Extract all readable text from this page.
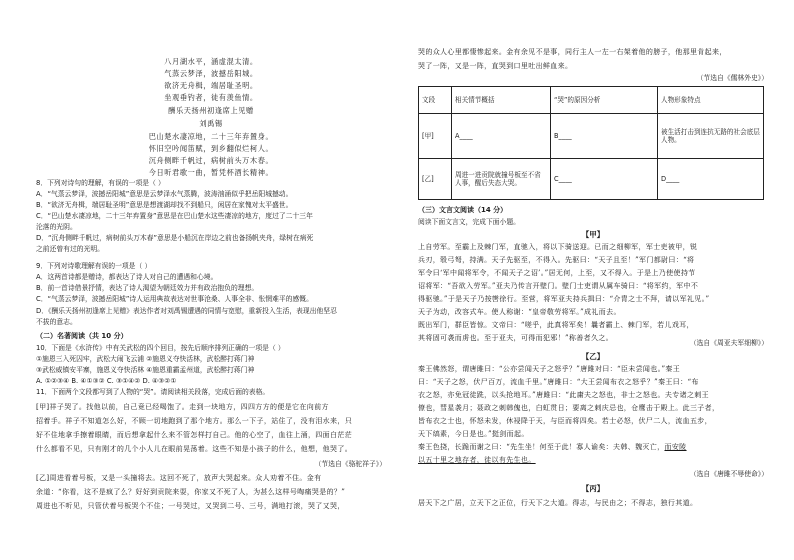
八月湖水平，涵虚混太清。
气蒸云梦泽，波撼岳阳城。
欲济无舟楫，端居耻圣明。
坐观垂钓者，徒有羡鱼情。
酬乐天扬州初逢席上见赠
刘禹锡
巴山楚水凄凉地，二十三年弃置身。
怀旧空吟闻笛赋，到乡翻似烂柯人。
沉舟侧畔千帆过，病树前头万木春。
今日听君歌一曲，暂凭杯酒长精神。
8．下列对诗句的理解，有误的一项是（ ）
A．“气蒸云梦泽，波撼岳阳城”意思是云梦泽水气蒸腾，波涛汹涌似乎把岳阳城撼动。
B．“欲济无舟楫，端居耻圣明”意思是想渡湖却找不到船只，闲居在家愧对太平盛世。
C．“巴山楚水凄凉地，二十三年弃置身”意思是在巴山楚水这些凄凉的地方，度过了二十三年
沦落的光阴。
D．“沉舟侧畔千帆过，病树前头万木春”意思是小船沉在岸边之前也备扬帆夹舟，绿树在病死
之前还曾有过的光明。
9．下列对诗歌理解有误的一项是（ ）
A．这两首诗都是赠诗，都表达了诗人对自己的遭遇和心境。
B．前一首诗借景抒情，表达了诗人渴望为朝廷效力并有政治抱负的理想。
C．“气蒸云梦泽，波撼岳阳城”诗人运用典故表达对世事沧桑、人事全非、怅惘难平的感慨。
D．《酬乐天扬州初逢席上见赠》表达作者对刘禹锡遭遇的同情与宽慰，重新投入生活，表现出他坚忍
不拔的意志。
（二）名著阅读（共 10 分）
10．下面是《水浒传》中有关武松的四个回目，按先后顺序排列正确的一项是（ ）
①施恩三入死囚牢，武松大闹飞云浦 ②施恩义夺快活林，武松醉打蒋门神
③武松威镇安平寨，施恩义夺快活林 ④施恩重霸孟州道，武松醉打蒋门神
A. ①②③④ B. ④①③② C. ③①④② D. ④③②①
11．下面两个文段都写到了人物的“哭”。请阅读相关段落，完成后面的表格。
[甲]祥子哭了。找他以前，自己竟已经喝饱了。走到一块地方，四四方方的便是它在向前方
招着手。祥子不知道怎么好，不顾一切地跑到了那个地方。那么一下子，站住了，没有泪水来，只
好不住地拿手擦着眼睛，而后想拿起什么来不管怎样打自己。他的心空了，血往上涌，四面白茫茫
什么都看不见，只有刚才的几个小人儿在眼前晃荡着。这些不知是小孩子的什么，他想，他哭了。
（节选自《骆驼祥子》）
[乙]周进看着号板，又是一头撞将去。这回不死了，放声大哭起来。众人劝着不住。金有
余道：“你看，这不是疯了么？好好到贡院来耍，你家又不死了人，为甚么这样号啕痛哭是的？”
周进也不听见，只管伏着号板哭个不住；一号哭过，又哭到二号、三号，满地打滚，哭了又哭，
哭的众人心里都悽惨起来。金有余见不是事，同行主人一左一右架着他的膀子，他那里肯起来，
哭了一阵，又是一阵，直哭到口里吐出鲜血来。
（节选自《儒林外史》）
文段	相关情节概括	“哭”的原因分析	人物形象特点
[甲]	A____	B____	被生活打击到连抗无路的社会底层人物。
[乙]	周进一进贡院就撞号板至不省人事，醒后失态大哭。	C____	D____
（三）文言文阅读（14 分）
阅读下面文言文，完成下面小题。
【甲】
上自劳军。至霸上及棘门军，直驰入，将以下骑送迎。已而之细柳军，军士吏被甲，锐
兵刃，彀弓弩，持满。天子先驱至，不得入。先驱曰：“天子且至！”军门都尉曰：“将
军令曰‘军中闻将军令，不闻天子之诏’。”居无何，上至，又不得入。于是上乃使使持节
诏将军：“吾欲入劳军。”亚夫乃传言开壁门。壁门士吏谓从属车骑曰：“将军约，军中不
得驱驰。”于是天子乃按辔徐行。至营，将军亚夫持兵揖曰：“介胄之士不拜，请以军礼见。”
天子为动，改容式车。使人称谢：“皇帝敬劳将军。”成礼而去。
既出军门，群臣皆惊。文帝曰：“嗟乎，此真将军矣！曩者霸上、棘门军，若儿戏耳，
其将固可袭而虏也。至于亚夫，可得而犯邪！”称善者久之。
（选自《周亚夫军细柳》）
【乙】
秦王佛然怒，谓唐雎曰：“公亦尝闻天子之怒乎？”唐雎对曰：“臣未尝闻也。”秦王
曰：“天子之怒，伏尸百万，流血千里。”唐雎曰：“大王尝闻布衣之怒乎？”秦王曰：“布
衣之怒，亦免冠徒跣，以头抢地耳。”唐雎曰：“此庸夫之怒也，非士之怒也。夫专诸之刺王
僚也，彗星袭月；聂政之刺韩傀也，白虹贯日；要离之刺庆忌也，仓鹰击于殿上。此三子者，
皆布衣之士也，怀怒未发，休祲降于天，与臣而将四矣。若士必怒，伏尸二人，流血五步，
天下缟素，今日是也。”挺剑而起。
秦王色挠，长跪而谢之曰：“先生坐！何至于此！寡人谕矣：夫韩、魏灭亡，而安陵
以五十里之地存者，徒以有先生也。
（选自《唐雎不辱使命》）
【丙】
居天下之广居，立天下之正位，行天下之大道。得志，与民由之；不得志，独行其道。
